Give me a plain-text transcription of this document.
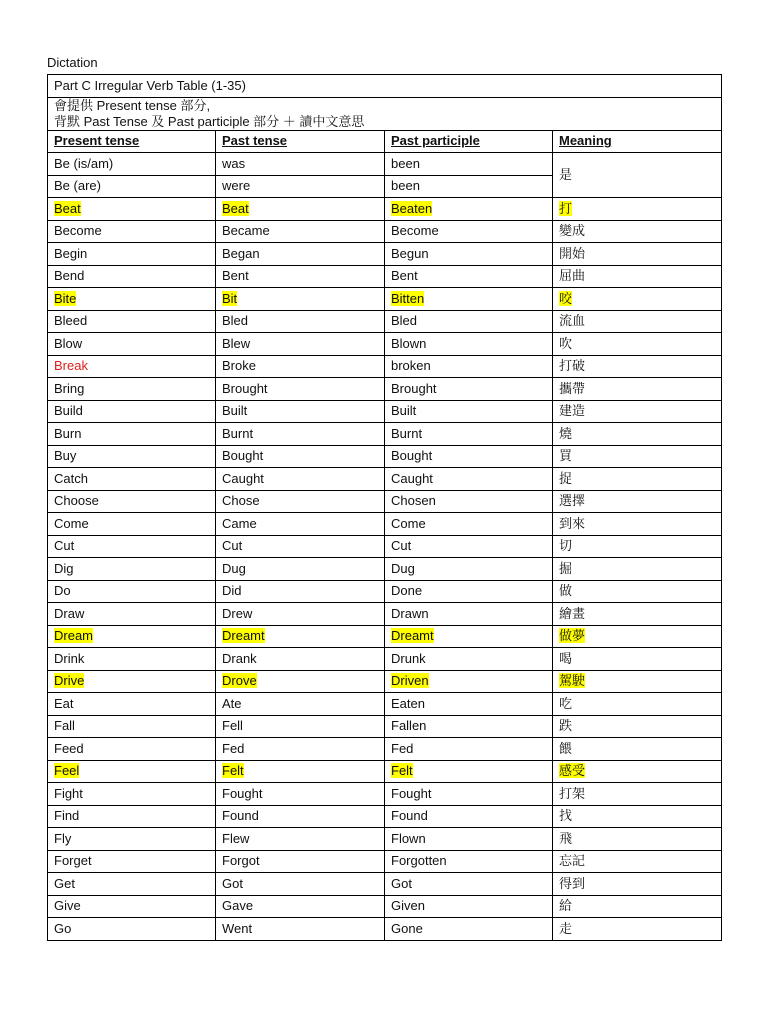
Dictation
Part C Irregular Verb Table (1-35)			
會提供 Present tense 部分,
背默 Past Tense 及 Past participle 部分 ＋ 讀中文意思			
Present tense	Past tense	Past participle	Meaning
Be (is/am)	was	been	是
Be (are)	were	been	
Beat	Beat	Beaten	打
Become	Became	Become	變成
Begin	Began	Begun	開始
Bend	Bent	Bent	屈曲
Bite	Bit	Bitten	咬
Bleed	Bled	Bled	流血
Blow	Blew	Blown	吹
Break	Broke	broken	打破
Bring	Brought	Brought	攜帶
Build	Built	Built	建造
Burn	Burnt	Burnt	燒
Buy	Bought	Bought	買
Catch	Caught	Caught	捉
Choose	Chose	Chosen	選擇
Come	Came	Come	到來
Cut	Cut	Cut	切
Dig	Dug	Dug	掘
Do	Did	Done	做
Draw	Drew	Drawn	繪畫
Dream	Dreamt	Dreamt	做夢
Drink	Drank	Drunk	喝
Drive	Drove	Driven	駕駛
Eat	Ate	Eaten	吃
Fall	Fell	Fallen	跌
Feed	Fed	Fed	餵
Feel	Felt	Felt	感受
Fight	Fought	Fought	打架
Find	Found	Found	找
Fly	Flew	Flown	飛
Forget	Forgot	Forgotten	忘記
Get	Got	Got	得到
Give	Gave	Given	給
Go	Went	Gone	走
